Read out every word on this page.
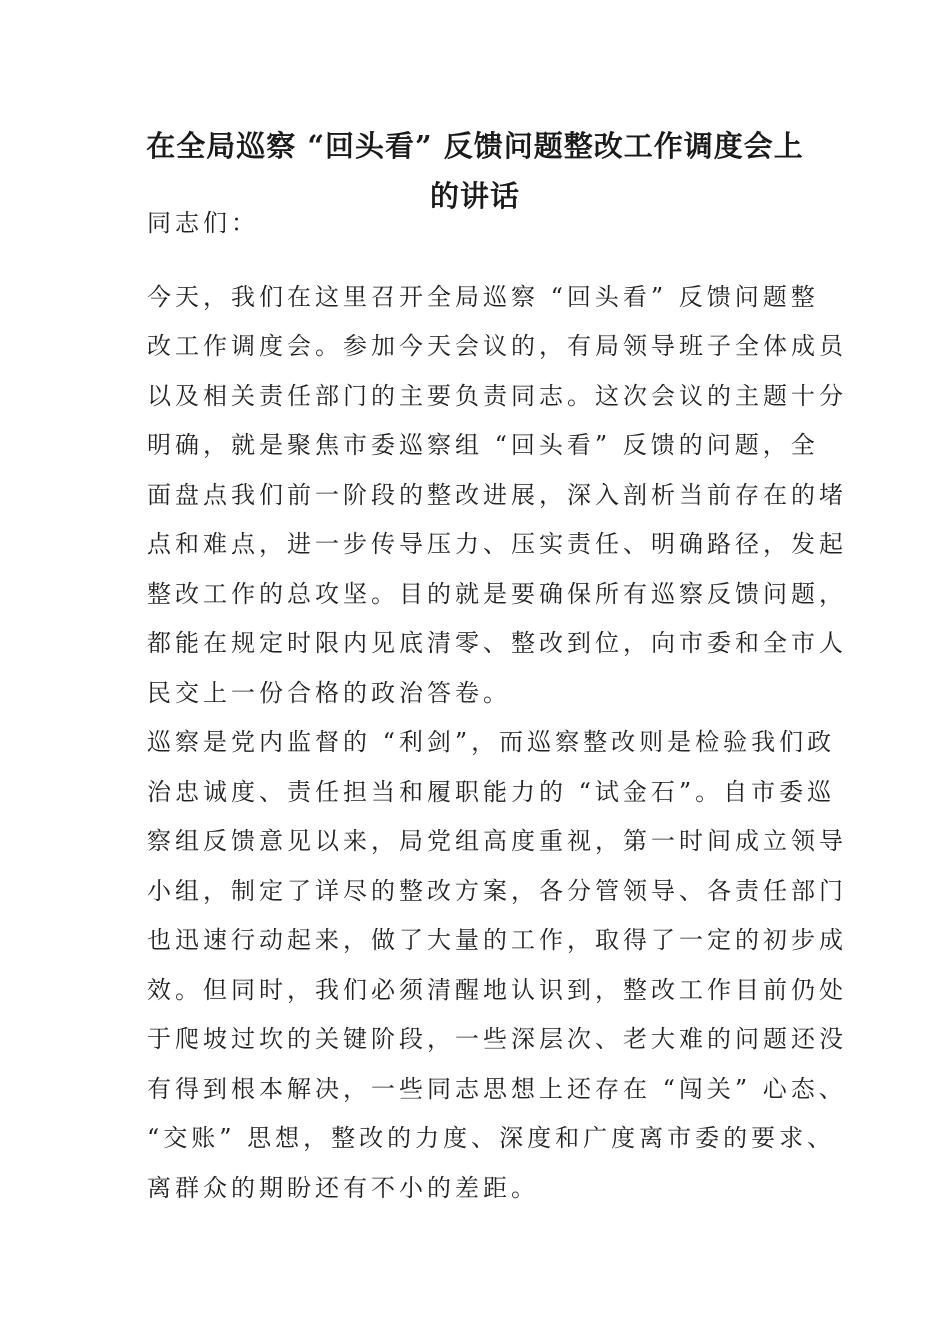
在全局巡察 “回头看” 反馈问题整改工作调度会上
的讲话
同志们：
今天，我们在这里召开全局巡察 “回头看” 反馈问题整
改工作调度会。参加今天会议的，有局领导班子全体成员
以及相关责任部门的主要负责同志。这次会议的主题十分
明确，就是聚焦市委巡察组 “回头看” 反馈的问题，全
面盘点我们前一阶段的整改进展，深入剖析当前存在的堵
点和难点，进一步传导压力、压实责任、明确路径，发起
整改工作的总攻坚。目的就是要确保所有巡察反馈问题，
都能在规定时限内见底清零、整改到位，向市委和全市人
民交上一份合格的政治答卷。
巡察是党内监督的 “利剑”，而巡察整改则是检验我们政
治忠诚度、责任担当和履职能力的 “试金石”。自市委巡
察组反馈意见以来，局党组高度重视，第一时间成立领导
小组，制定了详尽的整改方案，各分管领导、各责任部门
也迅速行动起来，做了大量的工作，取得了一定的初步成
效。但同时，我们必须清醒地认识到，整改工作目前仍处
于爬坡过坎的关键阶段，一些深层次、老大难的问题还没
有得到根本解决，一些同志思想上还存在 “闯关” 心态、
“交账” 思想，整改的力度、深度和广度离市委的要求、
离群众的期盼还有不小的差距。
